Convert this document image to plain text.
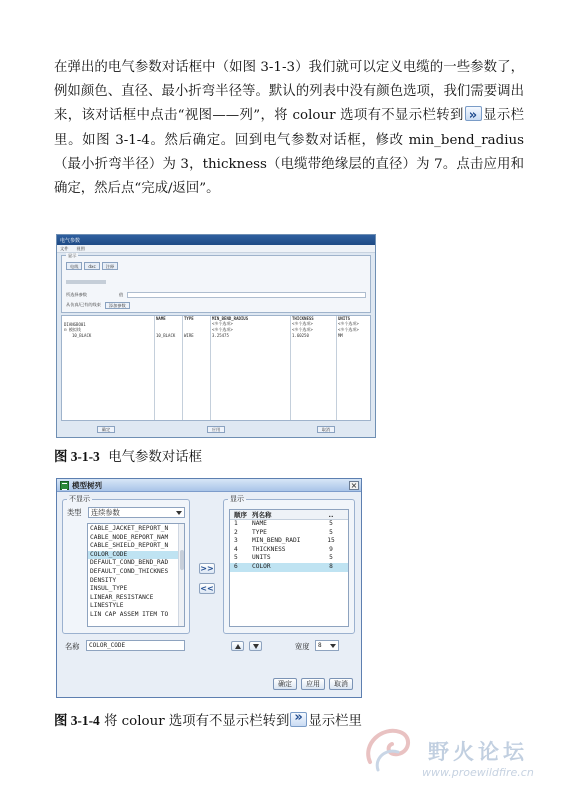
在弹出的电气参数对话框中（如图 3-1-3）我们就可以定义电缆的一些参数了，例如颜色、直径、最小折弯半径等。默认的列表中没有颜色选项，我们需要调出来，该对话框中点击“视图——列”，将 colour 选项有不显示栏转到 » 显示栏里。如图 3-1-4。然后确定。回到电气参数对话框，修改 min_bend_radius （最小折弯半径）为 3，thickness（电缆带绝缘层的直径）为 7。点击应用和确定，然后点“完成/返回”。
电气参数
文件 视图
显示
电线	dxc	注释
所选择参数	值
从仿真/已有的线束	添加参数
	NAME	TYPE	MIN_BEND_RADIUS	THICKNESS	UNITS
DIANGBO01			<多个选项>	<多个选项>	<多个选项>
⊟ 模拟线			<多个选项>	<多个选项>	<多个选项>
10_BLACK	10_BLACK	WIRE	3.25475	1.60250	MM
确定	应用	取消
图 3-1-3 电气参数对话框
模型树列	×
不显示
类型	连续参数
CABLE_JACKET_REPORT_N
CABLE_NODE_REPORT_NAM
CABLE_SHIELD_REPORT_N
COLOR_CODE
DEFAULT_COND_BEND_RAD
DEFAULT_COND_THICKNES
DENSITY
INSUL_TYPE
LINEAR_RESISTANCE
LINESTYLE
LIN CAP ASSEM ITEM TO
>>
<<
显示
顺序 列名称	..
1	NAME	5
2	TYPE	5
3	MIN_BEND_RADI	15
4	THICKNESS	9
5	UNITS	5
6	COLOR	8
名称	COLOR_CODE	宽度	8
确定	应用	取消
图 3-1-4 将 colour 选项有不显示栏转到 » 显示栏里
野火论坛
www.proewildfire.cn
